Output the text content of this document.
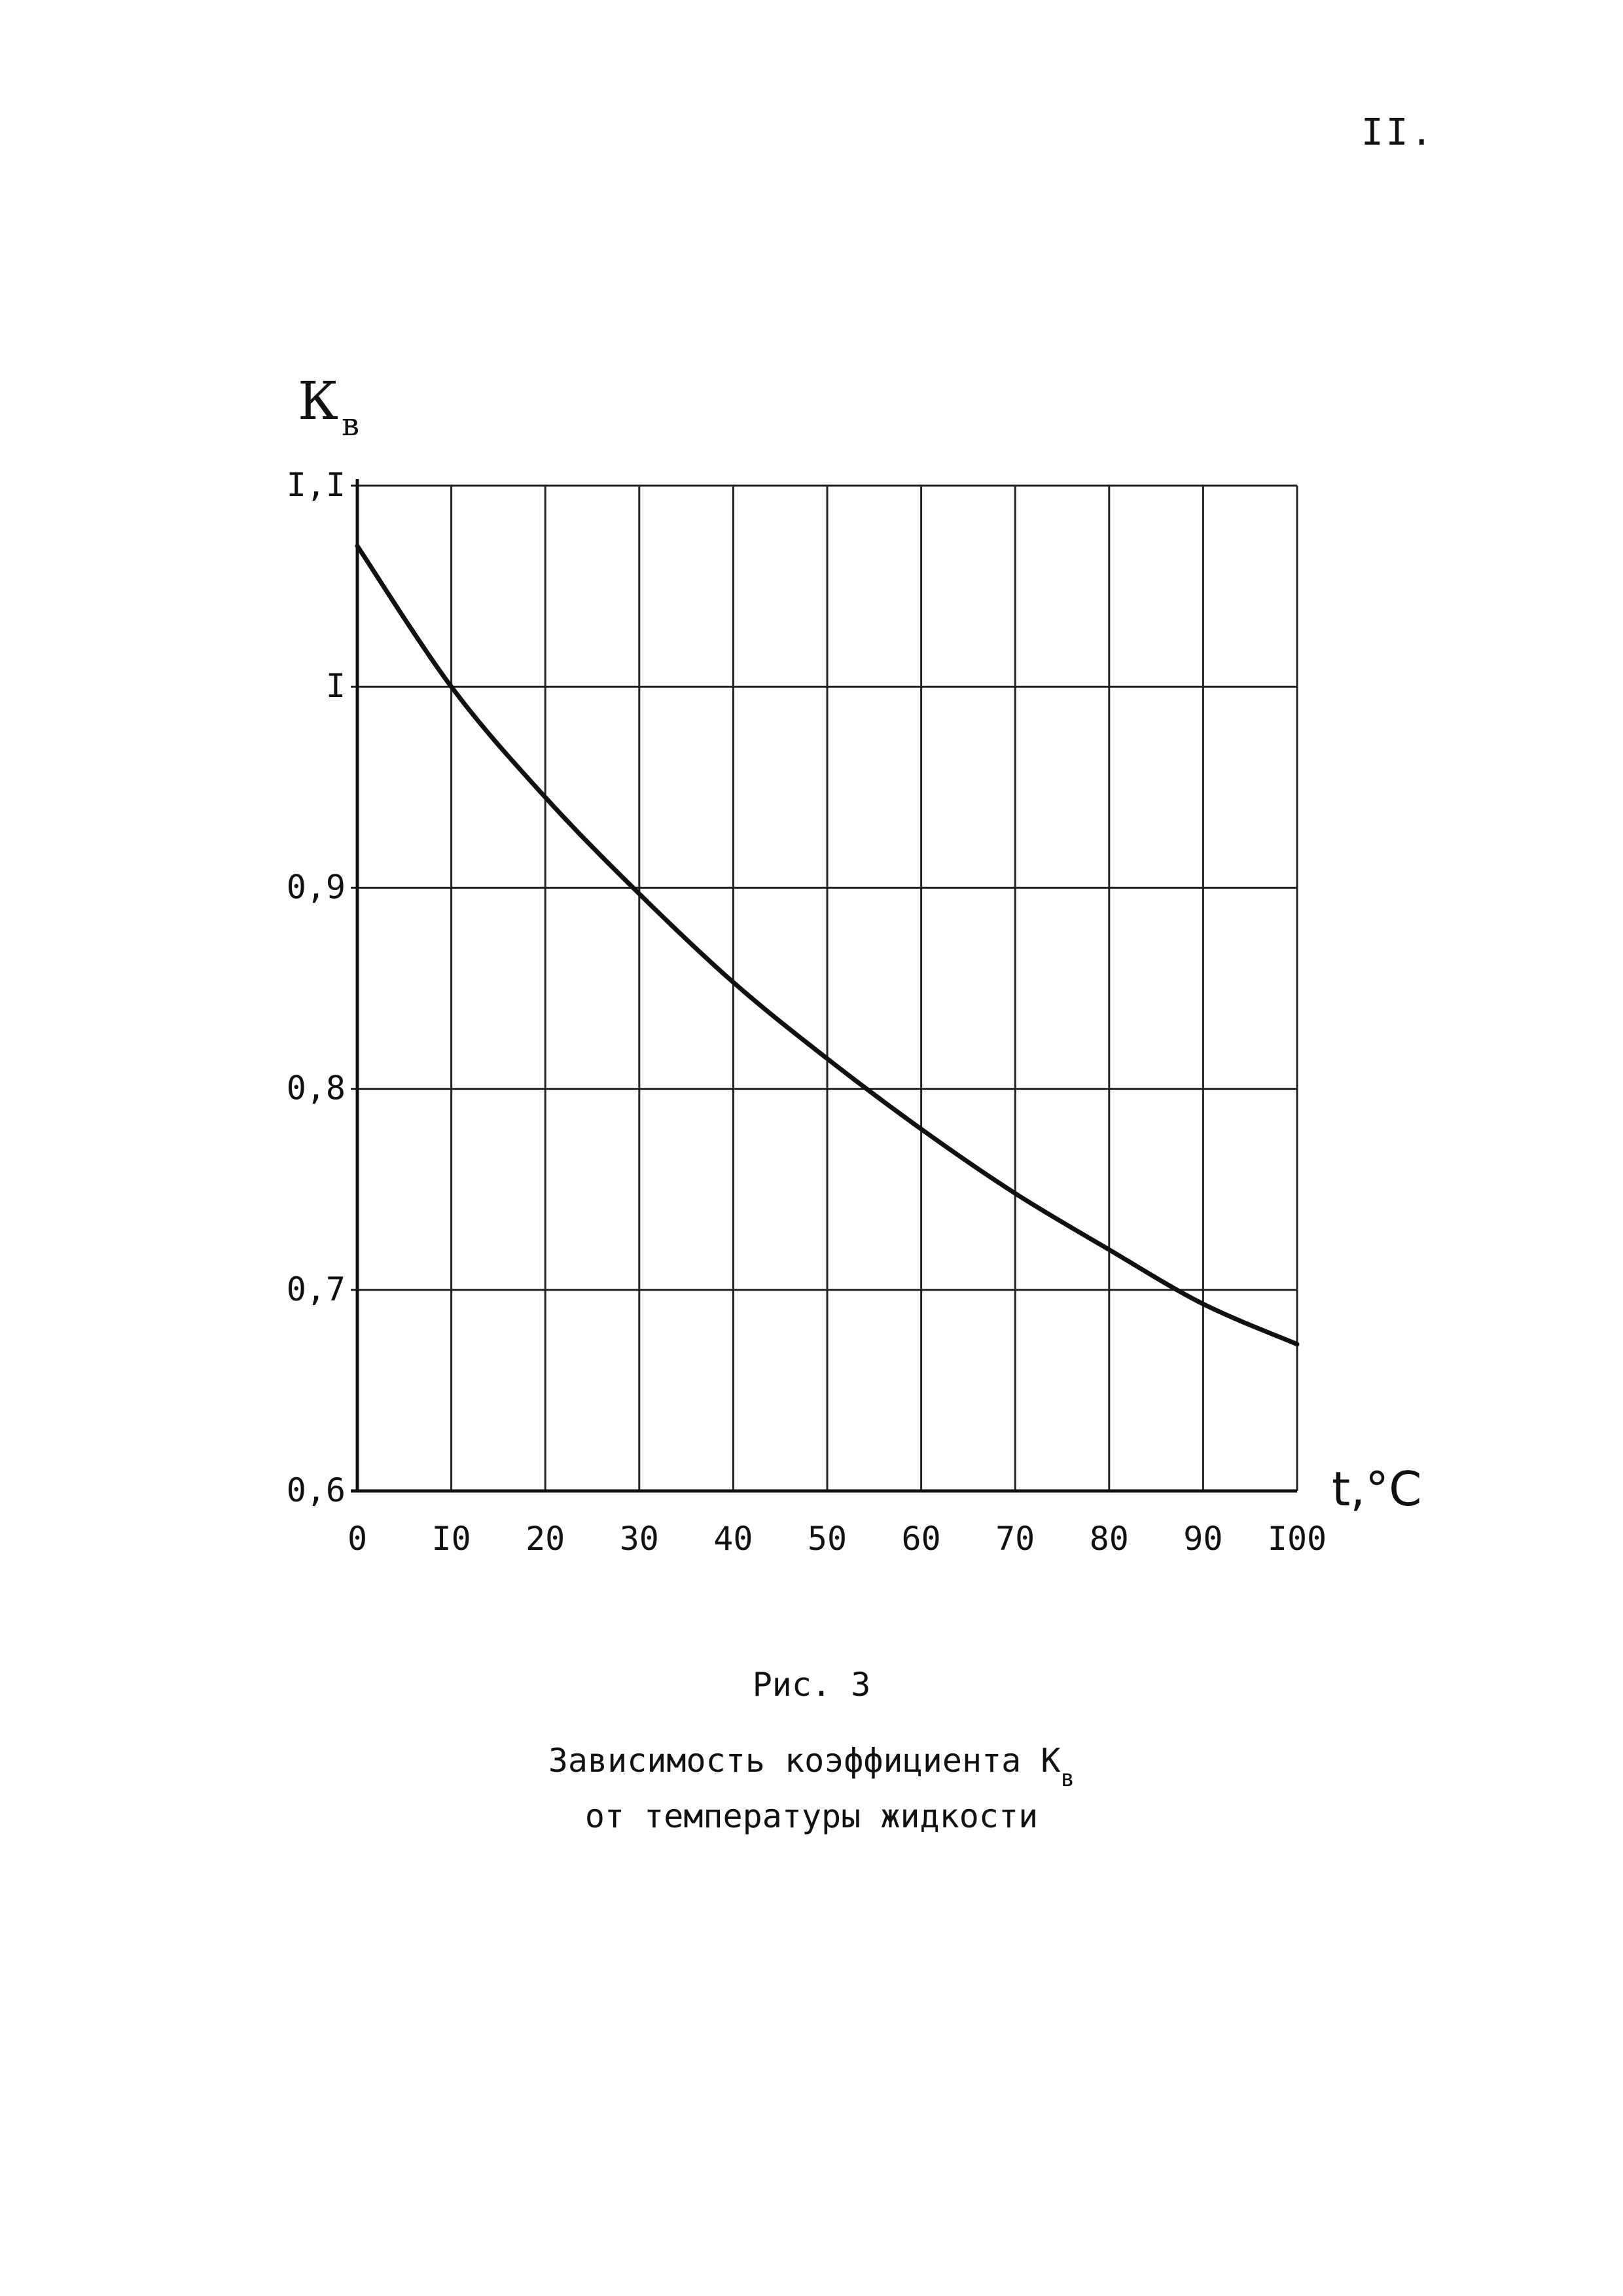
II.
0 I0 20 30 40 50 60 70 80 90 I00
0,6
0,7
0,8
0,9
I
I,I
К в
t,°C
Рис. 3
Зависимость коэффициента Кв
от температуры жидкости
